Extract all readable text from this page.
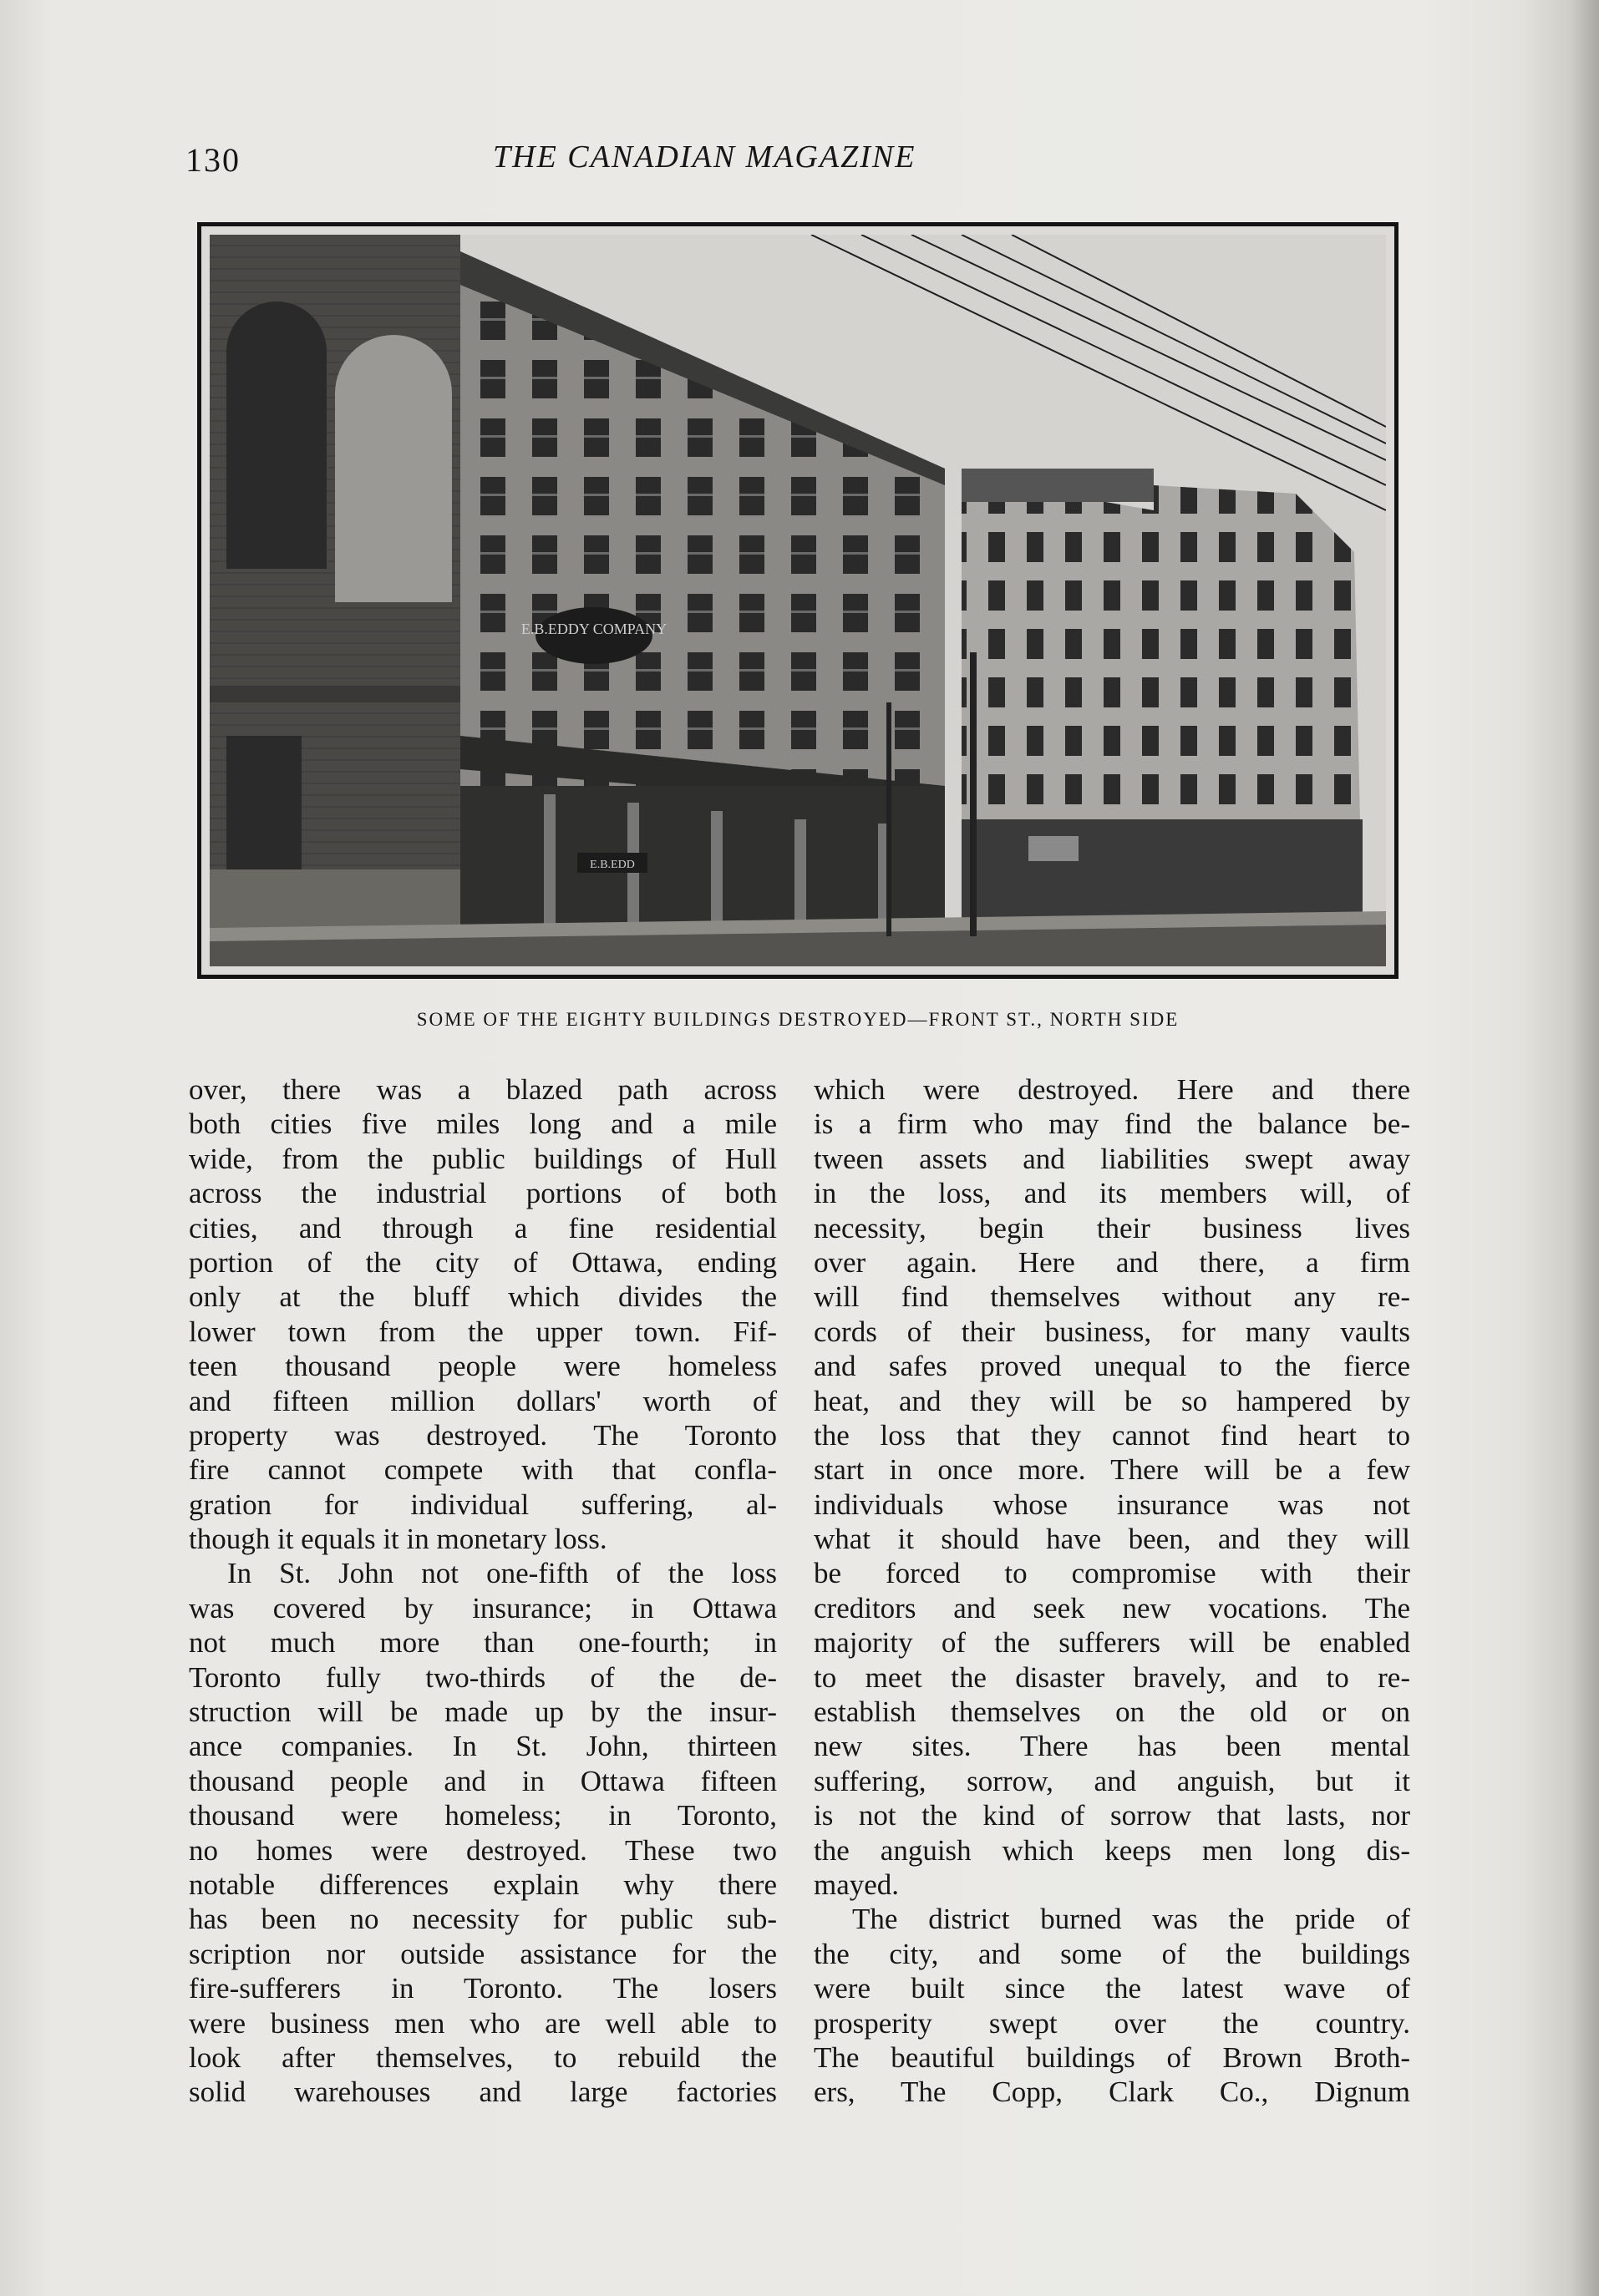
130	THE CANADIAN MAGAZINE

E.B.EDDY COMPANY
E.B.EDD

SOME OF THE EIGHTY BUILDINGS DESTROYED—FRONT ST., NORTH SIDE

over, there was a blazed path across
both cities five miles long and a mile
wide, from the public buildings of Hull
across the industrial portions of both
cities, and through a fine residential
portion of the city of Ottawa, ending
only at the bluff which divides the
lower town from the upper town. Fif-
teen thousand people were homeless
and fifteen million dollars' worth of
property was destroyed. The Toronto
fire cannot compete with that confla-
gration for individual suffering, al-
though it equals it in monetary loss.
In St. John not one-fifth of the loss
was covered by insurance; in Ottawa
not much more than one-fourth; in
Toronto fully two-thirds of the de-
struction will be made up by the insur-
ance companies. In St. John, thirteen
thousand people and in Ottawa fifteen
thousand were homeless; in Toronto,
no homes were destroyed. These two
notable differences explain why there
has been no necessity for public sub-
scription nor outside assistance for the
fire-sufferers in Toronto. The losers
were business men who are well able to
look after themselves, to rebuild the
solid warehouses and large factories
which were destroyed. Here and there
is a firm who may find the balance be-
tween assets and liabilities swept away
in the loss, and its members will, of
necessity, begin their business lives
over again. Here and there, a firm
will find themselves without any re-
cords of their business, for many vaults
and safes proved unequal to the fierce
heat, and they will be so hampered by
the loss that they cannot find heart to
start in once more. There will be a few
individuals whose insurance was not
what it should have been, and they will
be forced to compromise with their
creditors and seek new vocations. The
majority of the sufferers will be enabled
to meet the disaster bravely, and to re-
establish themselves on the old or on
new sites. There has been mental
suffering, sorrow, and anguish, but it
is not the kind of sorrow that lasts, nor
the anguish which keeps men long dis-
mayed.
The district burned was the pride of
the city, and some of the buildings
were built since the latest wave of
prosperity swept over the country.
The beautiful buildings of Brown Broth-
ers, The Copp, Clark Co., Dignum
